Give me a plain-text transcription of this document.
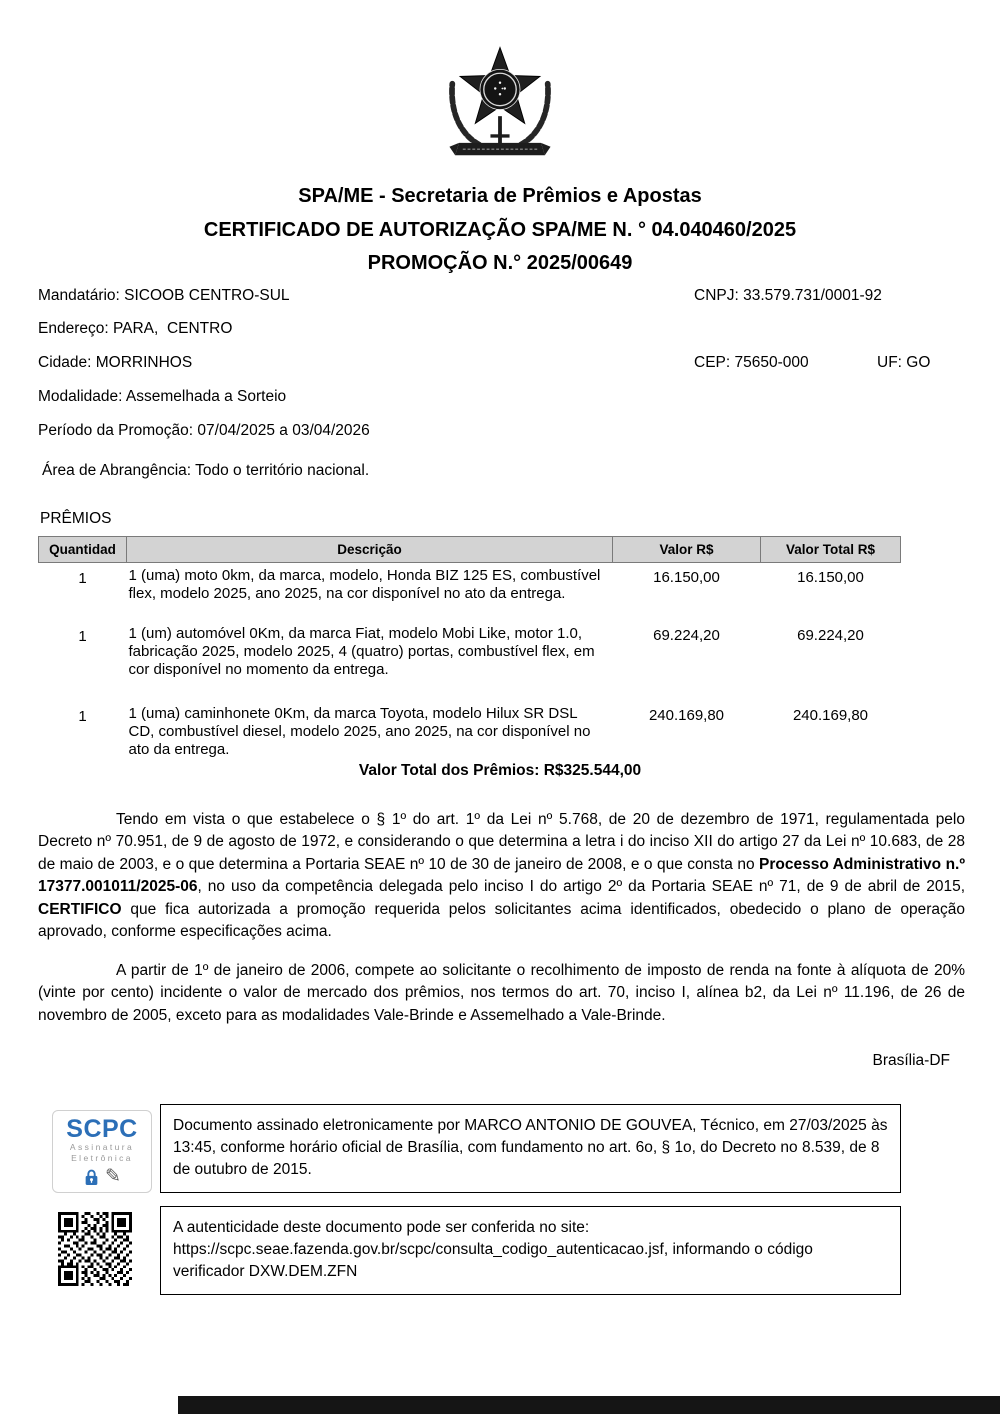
SPA/ME - Secretaria de Prêmios e Apostas
CERTIFICADO DE AUTORIZAÇÃO SPA/ME N. ° 04.040460/2025
PROMOÇÃO N.° 2025/00649
Mandatário: SICOOB CENTRO-SUL	CNPJ: 33.579.731/0001-92
Endereço: PARA,  CENTRO
Cidade: MORRINHOS	CEP: 75650-000	UF: GO
Modalidade: Assemelhada a Sorteio
Período da Promoção: 07/04/2025 a 03/04/2026
Área de Abrangência: Todo o território nacional.
PRÊMIOS
Quantidad	Descrição	Valor R$	Valor Total R$
1	1 (uma) moto 0km, da marca, modelo, Honda BIZ 125 ES, combustível flex, modelo 2025, ano 2025, na cor disponível no ato da entrega.	16.150,00	16.150,00
1	1 (um) automóvel 0Km, da marca Fiat, modelo Mobi Like, motor 1.0, fabricação 2025, modelo 2025, 4 (quatro) portas, combustível flex, em cor disponível no momento da entrega.	69.224,20	69.224,20
1	1 (uma) caminhonete 0Km, da marca Toyota, modelo Hilux SR DSL CD, combustível diesel, modelo 2025, ano 2025, na cor disponível no ato da entrega.	240.169,80	240.169,80
Valor Total dos Prêmios: R$325.544,00

Tendo em vista o que estabelece o § 1º do art. 1º da Lei nº 5.768, de 20 de dezembro de 1971, regulamentada pelo Decreto nº 70.951, de 9 de agosto de 1972, e considerando o que determina a letra i do inciso XII do artigo 27 da Lei nº 10.683, de 28 de maio de 2003, e o que determina a Portaria SEAE nº 10 de 30 de janeiro de 2008, e o que consta no Processo Administrativo n.º 17377.001011/2025-06, no uso da competência delegada pelo inciso I do artigo 2º da Portaria SEAE nº 71, de 9 de abril de 2015, CERTIFICO que fica autorizada a promoção requerida pelos solicitantes acima identificados, obedecido o plano de operação aprovado, conforme especificações acima.

A partir de 1º de janeiro de 2006, compete ao solicitante o recolhimento de imposto de renda na fonte à alíquota de 20% (vinte por cento) incidente o valor de mercado dos prêmios, nos termos do art. 70, inciso I, alínea b2, da Lei nº 11.196, de 26 de novembro de 2005, exceto para as modalidades Vale-Brinde e Assemelhado a Vale-Brinde.

Brasília-DF
SCPC
Assinatura
Eletrônica
✎

Documento assinado eletronicamente por MARCO ANTONIO DE GOUVEA, Técnico, em 27/03/2025 às 13:45, conforme horário oficial de Brasília, com fundamento no art. 6o, § 1o, do Decreto no 8.539, de 8 de outubro de 2015.

A autenticidade deste documento pode ser conferida no site: https://scpc.seae.fazenda.gov.br/scpc/consulta_codigo_autenticacao.jsf, informando o código verificador DXW.DEM.ZFN
